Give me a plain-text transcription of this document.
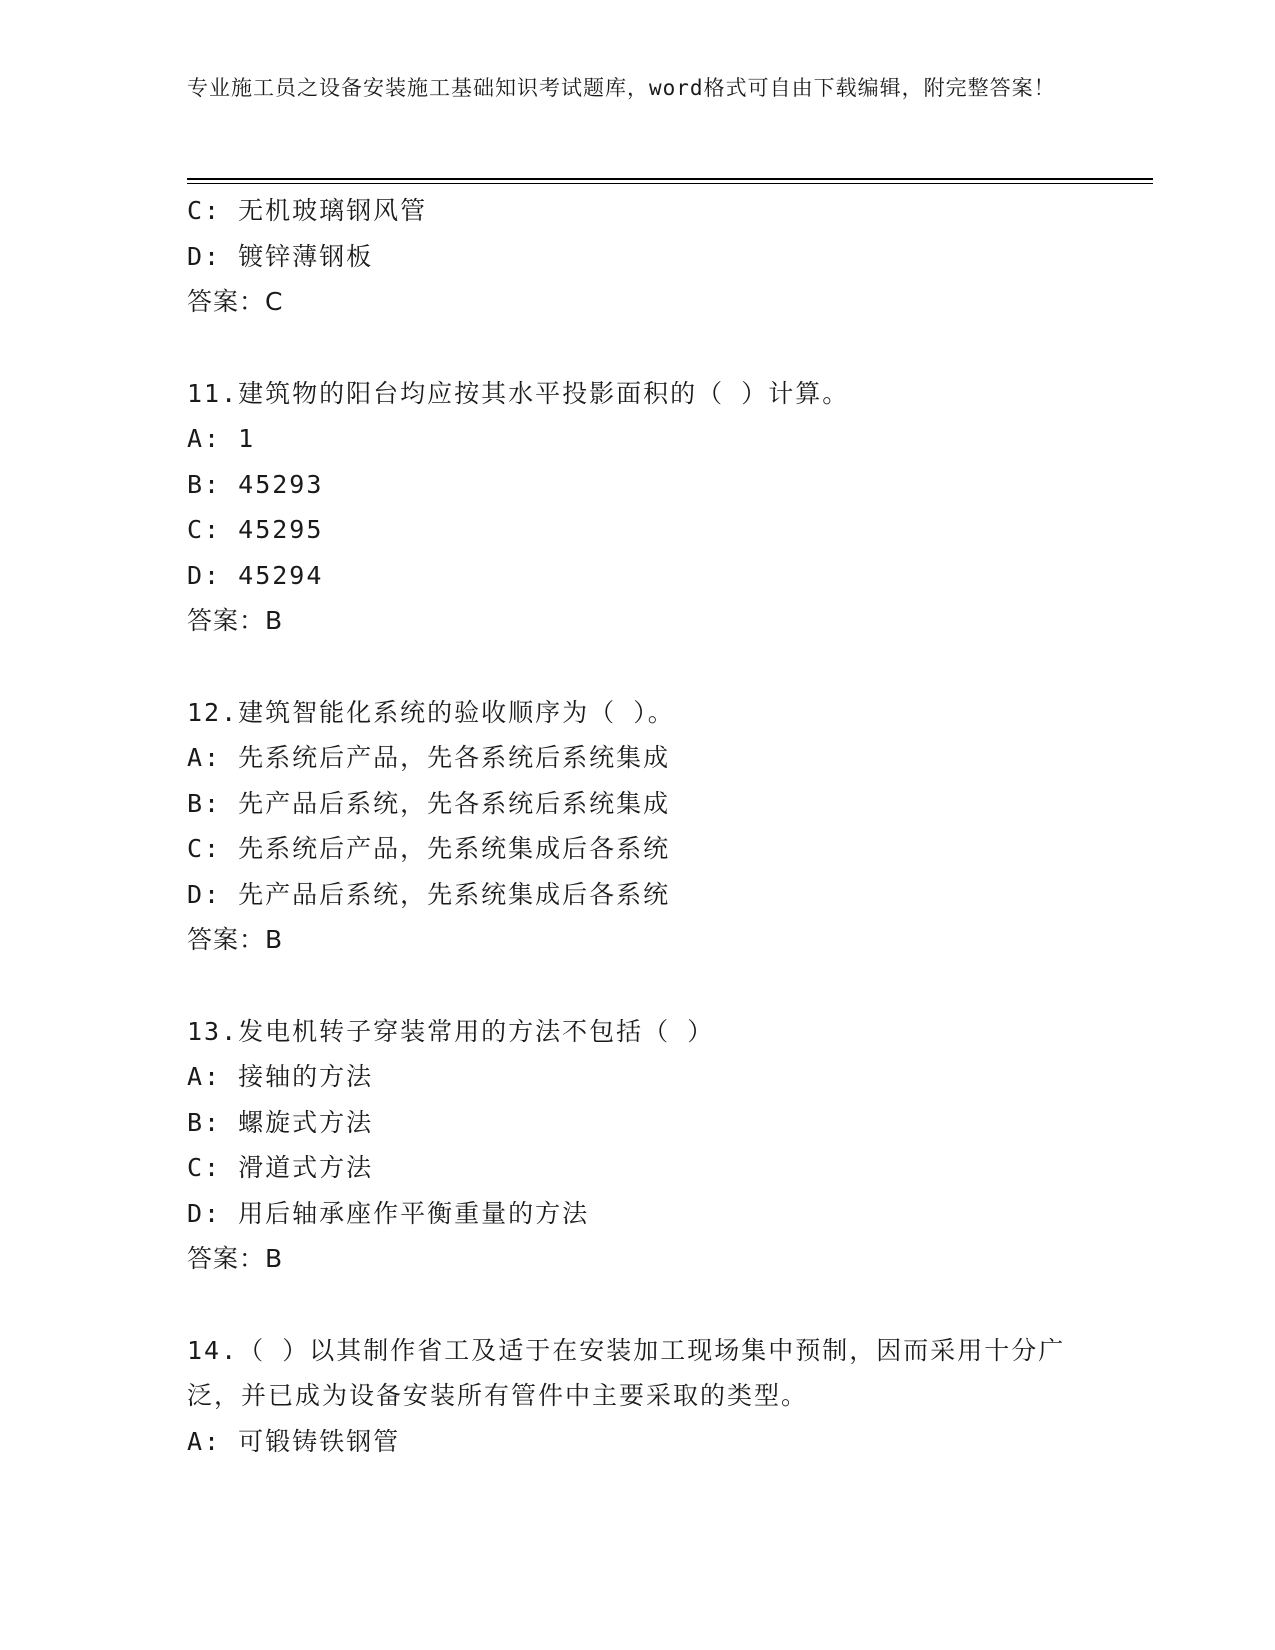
专业施工员之设备安装施工基础知识考试题库，word格式可自由下载编辑，附完整答案！
C: 无机玻璃钢风管
D: 镀锌薄钢板
答案：C
11.建筑物的阳台均应按其水平投影面积的（ ）计算。
A: 1
B: 45293
C: 45295
D: 45294
答案：B
12.建筑智能化系统的验收顺序为（ ）。
A: 先系统后产品，先各系统后系统集成
B: 先产品后系统，先各系统后系统集成
C: 先系统后产品，先系统集成后各系统
D: 先产品后系统，先系统集成后各系统
答案：B
13.发电机转子穿装常用的方法不包括（ ）
A: 接轴的方法
B: 螺旋式方法
C: 滑道式方法
D: 用后轴承座作平衡重量的方法
答案：B
14.（ ）以其制作省工及适于在安装加工现场集中预制，因而采用十分广泛，并已成为设备安装所有管件中主要采取的类型。
A: 可锻铸铁钢管
